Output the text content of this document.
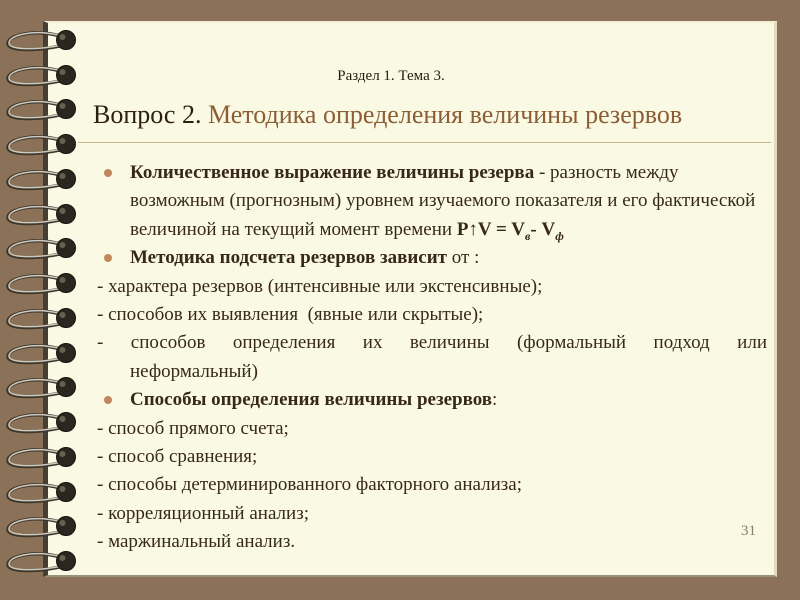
Раздел 1. Тема 3.
Вопрос 2. Методика определения величины резервов
Количественное выражение величины резерва - разность между возможным (прогнозным) уровнем изучаемого показателя и его фактической величиной на текущий момент времени Р↑V = $V_в-$ $V_ф$
Методика подсчета резервов зависит от :
- характера резервов (интенсивные или экстенсивные);
- способов их выявления  (явные или скрытые);
- способов определения их величины (формальный подход или
неформальный)
Способы определения величины резервов:
- способ прямого счета;
- способ сравнения;
- способы детерминированного факторного анализа;
- корреляционный анализ;
- маржинальный анализ.
31
